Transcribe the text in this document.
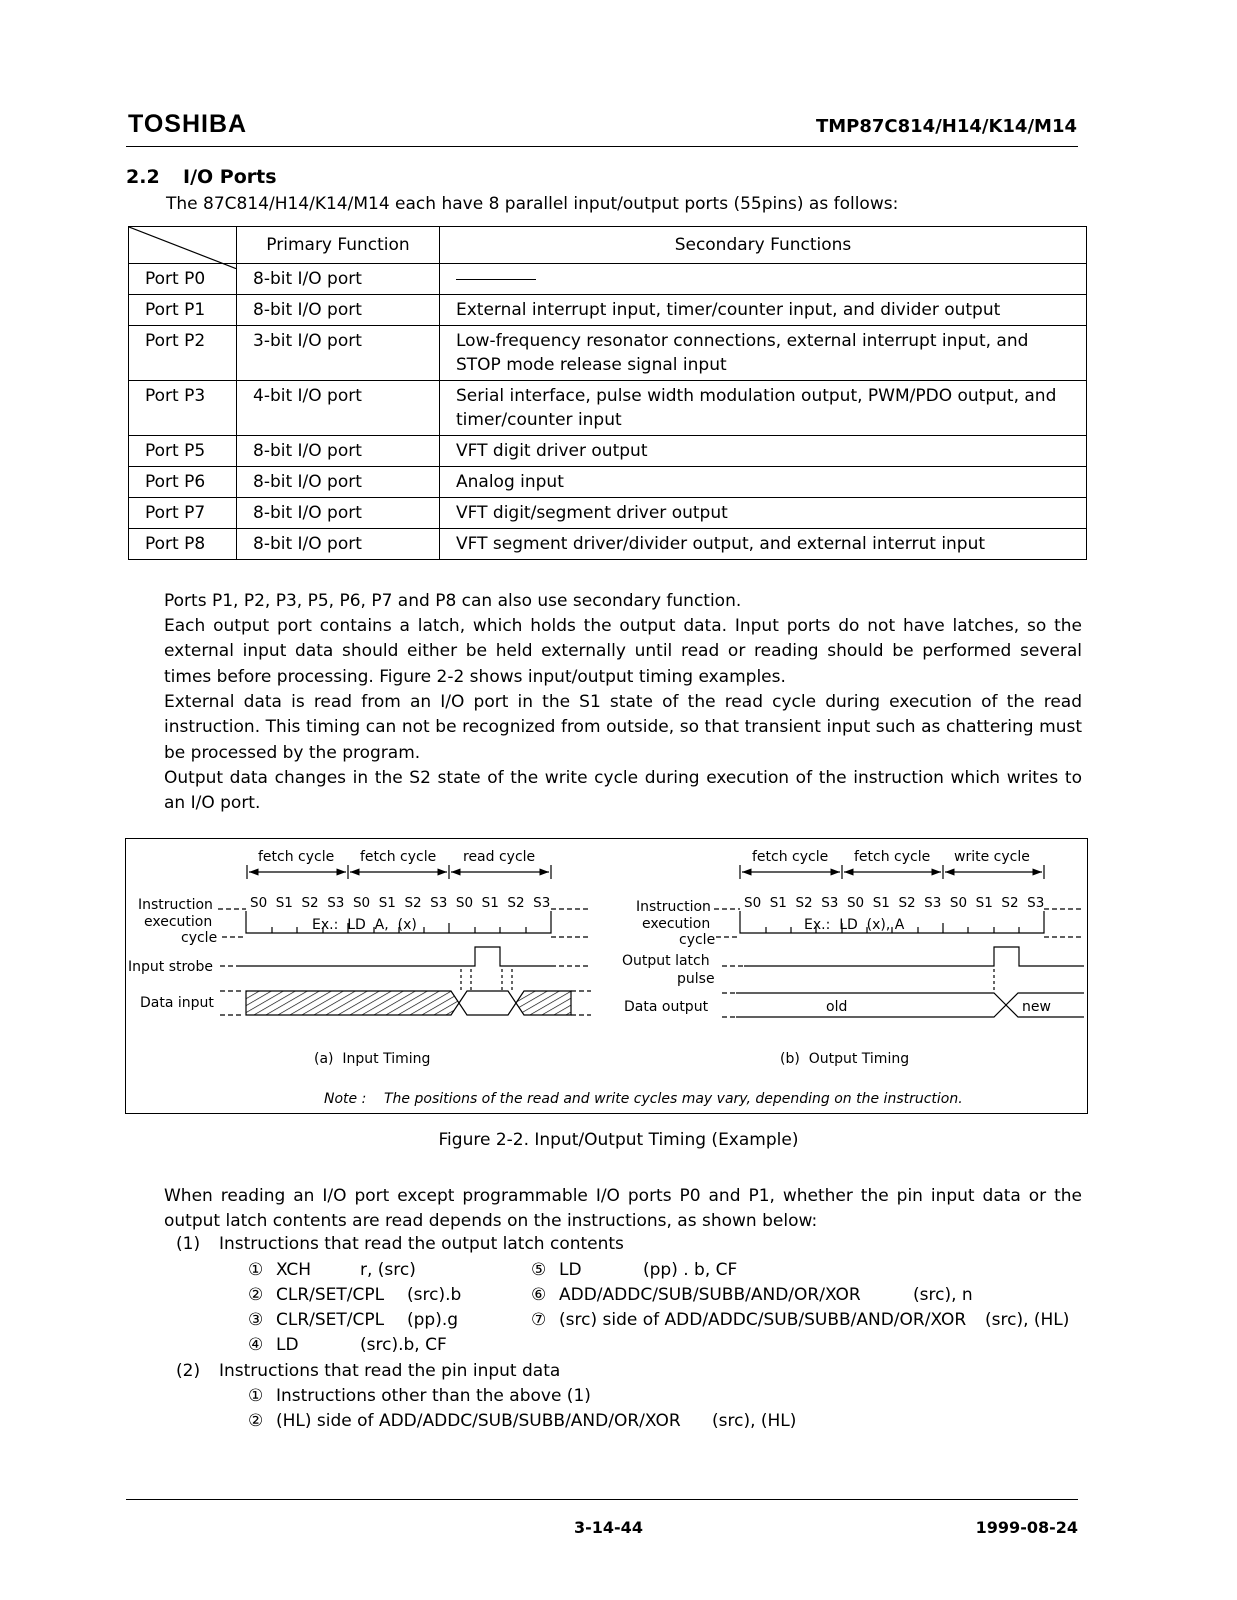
TOSHIBA	TMP87C814/H14/K14/M14
2.2 I/O Ports
The 87C814/H14/K14/M14 each have 8 parallel input/output ports (55pins) as follows:
	Primary Function	Secondary Functions
Port P0	8-bit I/O port	
Port P1	8-bit I/O port	External interrupt input, timer/counter input, and divider output
Port P2	3-bit I/O port	Low-frequency resonator connections, external interrupt input, and STOP mode release signal input
Port P3	4-bit I/O port	Serial interface, pulse width modulation output, PWM/PDO output, and timer/counter input
Port P5	8-bit I/O port	VFT digit driver output
Port P6	8-bit I/O port	Analog input
Port P7	8-bit I/O port	VFT digit/segment driver output
Port P8	8-bit I/O port	VFT segment driver/divider output, and external interrut input
Ports P1, P2, P3, P5, P6, P7 and P8 can also use secondary function.
Each output port contains a latch, which holds the output data. Input ports do not have latches, so the external input data should either be held externally until read or reading should be performed several times before processing. Figure 2-2 shows input/output timing examples.
External data is read from an I/O port in the S1 state of the read cycle during execution of the read instruction. This timing can not be recognized from outside, so that transient input such as chattering must be processed by the program.
Output data changes in the S2 state of the write cycle during execution of the instruction which writes to an I/O port.
fetch cycle fetch cycle read cycle
S0  S1  S2  S3  S0  S1  S2  S3  S0  S1  S2  S3
Instruction
execution
cycle
Input strobe
Data input
Ex.:  LD  A,  (x)
(a)  Input Timing
fetch cycle fetch cycle write cycle
S0  S1  S2  S3  S0  S1  S2  S3  S0  S1  S2  S3
Instruction
execution
cycle
Output latch
pulse
Data output
Ex.:  LD  (x), A
old	new
(b)  Output Timing
Note : The positions of the read and write cycles may vary, depending on the instruction.
Figure 2-2. Input/Output Timing (Example)
When reading an I/O port except programmable I/O ports P0 and P1, whether the pin input data or the output latch contents are read depends on the instructions, as shown below:
(1) Instructions that read the output latch contents
① XCH	r, (src)
② CLR/SET/CPL (src).b
③ CLR/SET/CPL (pp).g
④ LD	(src).b, CF
⑤ LD	(pp) . b, CF
⑥ ADD/ADDC/SUB/SUBB/AND/OR/XOR	(src), n
⑦ (src) side of ADD/ADDC/SUB/SUBB/AND/OR/XOR (src), (HL)
(2) Instructions that read the pin input data
① Instructions other than the above (1)
② (HL) side of ADD/ADDC/SUB/SUBB/AND/OR/XOR (src), (HL)
3-14-44	1999-08-24
